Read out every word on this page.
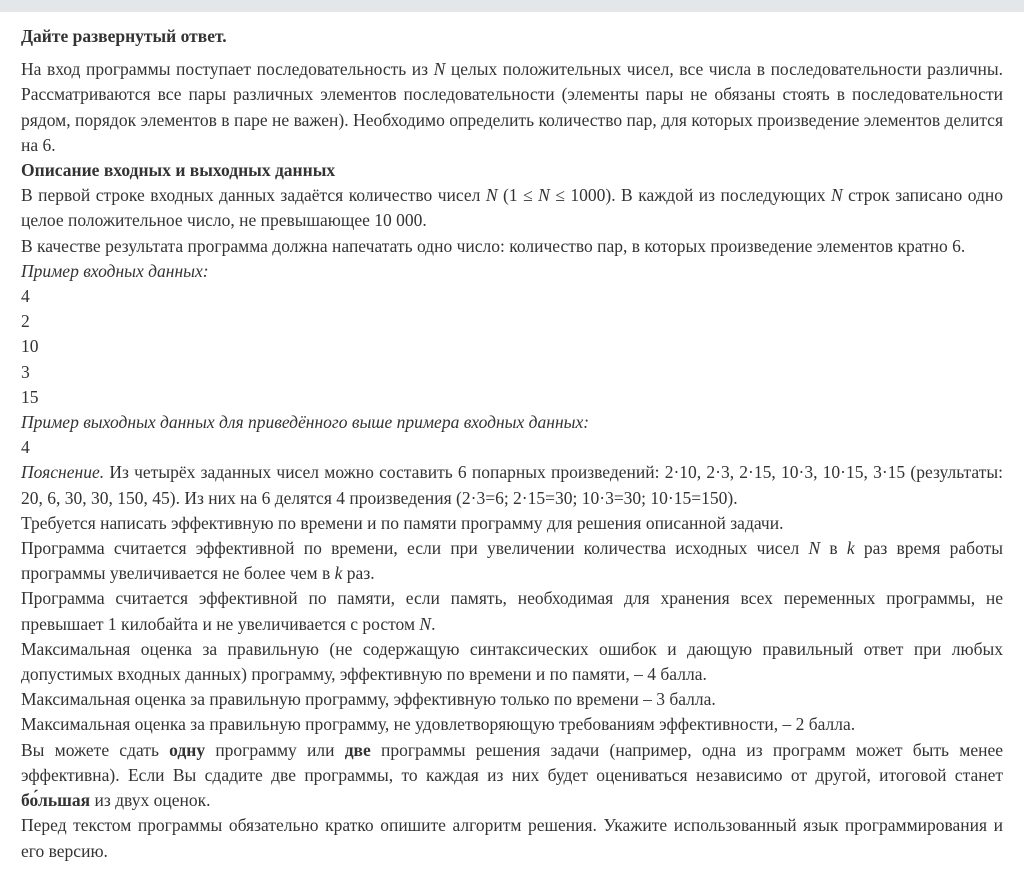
Дайте развернутый ответ.

На вход программы поступает последовательность из N целых положительных чисел, все числа в последовательности различны. Рассматриваются все пары различных элементов последовательности (элементы пары не обязаны стоять в последовательности рядом, порядок элементов в паре не важен). Необходимо определить количество пар, для которых произведение элементов делится на 6.

Описание входных и выходных данных

В первой строке входных данных задаётся количество чисел N (1 ≤ N ≤ 1000). В каждой из последующих N строк записано одно целое положительное число, не превышающее 10 000.

В качестве результата программа должна напечатать одно число: количество пар, в которых произведение элементов кратно 6.

Пример входных данных:

4

2

10

3

15

Пример выходных данных для приведённого выше примера входных данных:

4

Пояснение. Из четырёх заданных чисел можно составить 6 попарных произведений: 2·10, 2·3, 2·15, 10·3, 10·15, 3·15 (результаты: 20, 6, 30, 30, 150, 45). Из них на 6 делятся 4 произведения (2·3=6; 2·15=30; 10·3=30; 10·15=150).

Требуется написать эффективную по времени и по памяти программу для решения описанной задачи.

Программа считается эффективной по времени, если при увеличении количества исходных чисел N в k раз время работы программы увеличивается не более чем в k раз.

Программа считается эффективной по памяти, если память, необходимая для хранения всех переменных программы, не превышает 1 килобайта и не увеличивается с ростом N.

Максимальная оценка за правильную (не содержащую синтаксических ошибок и дающую правильный ответ при любых допустимых входных данных) программу, эффективную по времени и по памяти, – 4 балла.

Максимальная оценка за правильную программу, эффективную только по времени – 3 балла.

Максимальная оценка за правильную программу, не удовлетворяющую требованиям эффективности, – 2 балла.

Вы можете сдать одну программу или две программы решения задачи (например, одна из программ может быть менее эффективна). Если Вы сдадите две программы, то каждая из них будет оцениваться независимо от другой, итоговой станет бо́льшая из двух оценок.

Перед текстом программы обязательно кратко опишите алгоритм решения. Укажите использованный язык программирования и его версию.
